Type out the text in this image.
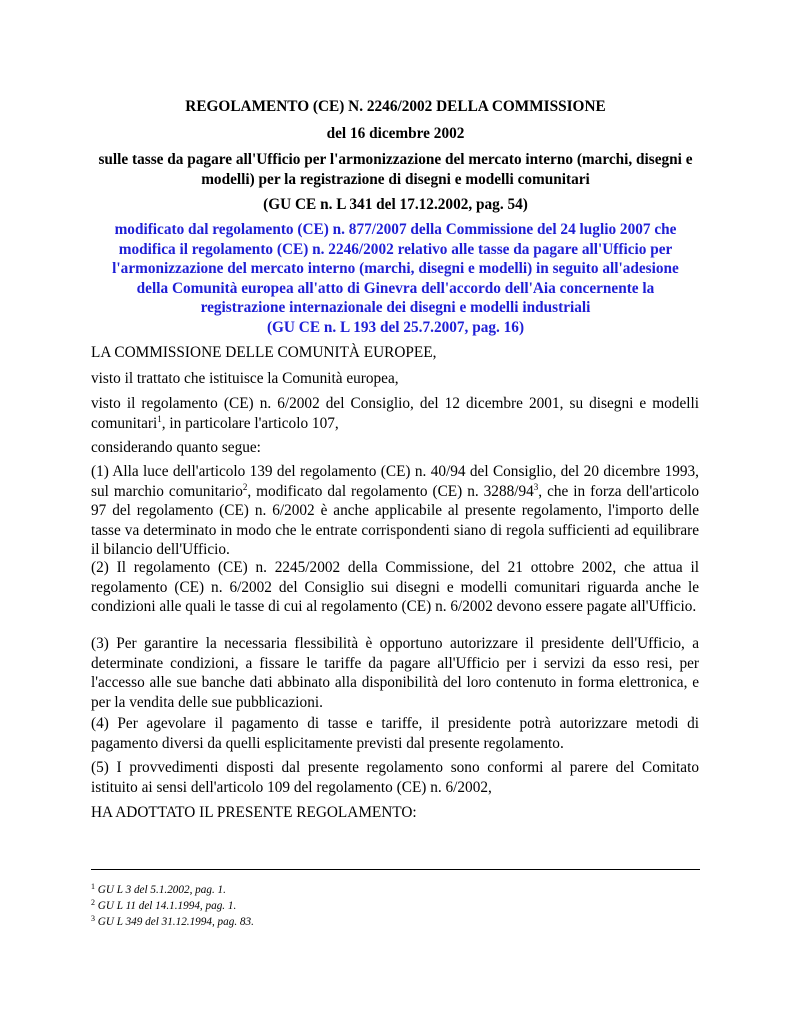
REGOLAMENTO (CE) N. 2246/2002 DELLA COMMISSIONE
del 16 dicembre 2002
sulle tasse da pagare all'Ufficio per l'armonizzazione del mercato interno (marchi, disegni e modelli) per la registrazione di disegni e modelli comunitari
(GU CE n. L 341 del 17.12.2002, pag. 54)
modificato dal regolamento (CE) n. 877/2007 della Commissione del 24 luglio 2007 che modifica il regolamento (CE) n. 2246/2002 relativo alle tasse da pagare all'Ufficio per l'armonizzazione del mercato interno (marchi, disegni e modelli) in seguito all'adesione della Comunità europea all'atto di Ginevra dell'accordo dell'Aia concernente la registrazione internazionale dei disegni e modelli industriali
(GU CE n. L 193 del 25.7.2007, pag. 16)
LA COMMISSIONE DELLE COMUNITÀ EUROPEE,
visto il trattato che istituisce la Comunità europea,
visto il regolamento (CE) n. 6/2002 del Consiglio, del 12 dicembre 2001, su disegni e modelli comunitari$^1$, in particolare l'articolo 107,
considerando quanto segue:
(1) Alla luce dell'articolo 139 del regolamento (CE) n. 40/94 del Consiglio, del 20 dicembre 1993, sul marchio comunitario$^2$, modificato dal regolamento (CE) n. $3288/94^3$, che in forza dell'articolo 97 del regolamento (CE) n. 6/2002 è anche applicabile al presente regolamento, l'importo delle tasse va determinato in modo che le entrate corrispondenti siano di regola sufficienti ad equilibrare il bilancio dell'Ufficio.
(2) Il regolamento (CE) n. 2245/2002 della Commissione, del 21 ottobre 2002, che attua il regolamento (CE) n. 6/2002 del Consiglio sui disegni e modelli comunitari riguarda anche le condizioni alle quali le tasse di cui al regolamento (CE) n. 6/2002 devono essere pagate all'Ufficio.
(3) Per garantire la necessaria flessibilità è opportuno autorizzare il presidente dell'Ufficio, a determinate condizioni, a fissare le tariffe da pagare all'Ufficio per i servizi da esso resi, per l'accesso alle sue banche dati abbinato alla disponibilità del loro contenuto in forma elettronica, e per la vendita delle sue pubblicazioni.
(4) Per agevolare il pagamento di tasse e tariffe, il presidente potrà autorizzare metodi di pagamento diversi da quelli esplicitamente previsti dal presente regolamento.
(5) I provvedimenti disposti dal presente regolamento sono conformi al parere del Comitato istituito ai sensi dell'articolo 109 del regolamento (CE) n. 6/2002,
HA ADOTTATO IL PRESENTE REGOLAMENTO:
$^1$ GU L 3 del 5.1.2002, pag. 1.
$^2$ GU L 11 del 14.1.1994, pag. 1.
$^3$ GU L 349 del 31.12.1994, pag. 83.
